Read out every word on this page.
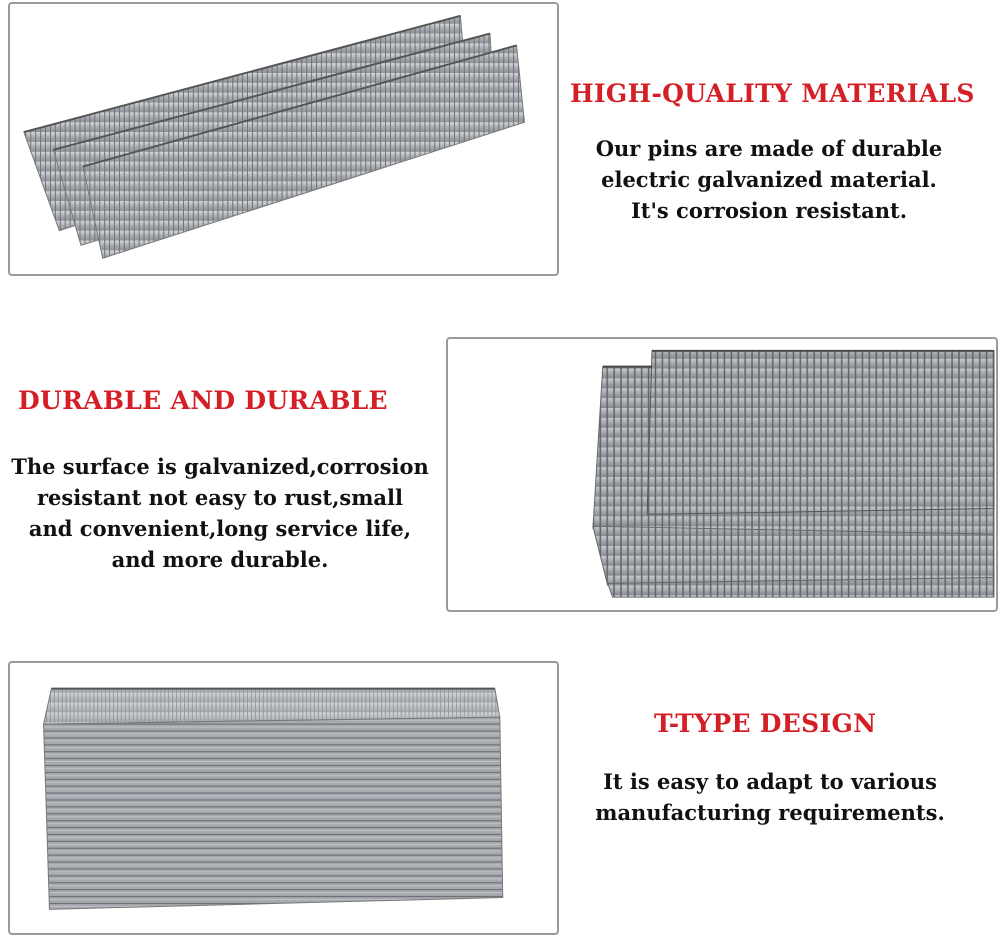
HIGH-QUALITY MATERIALS
Our pins are made of durable
electric galvanized material.
It's corrosion resistant.
DURABLE AND DURABLE
The surface is galvanized,corrosion
resistant not easy to rust,small
and convenient,long service life,
and more durable.
T-TYPE DESIGN
It is easy to adapt to various
manufacturing requirements.
